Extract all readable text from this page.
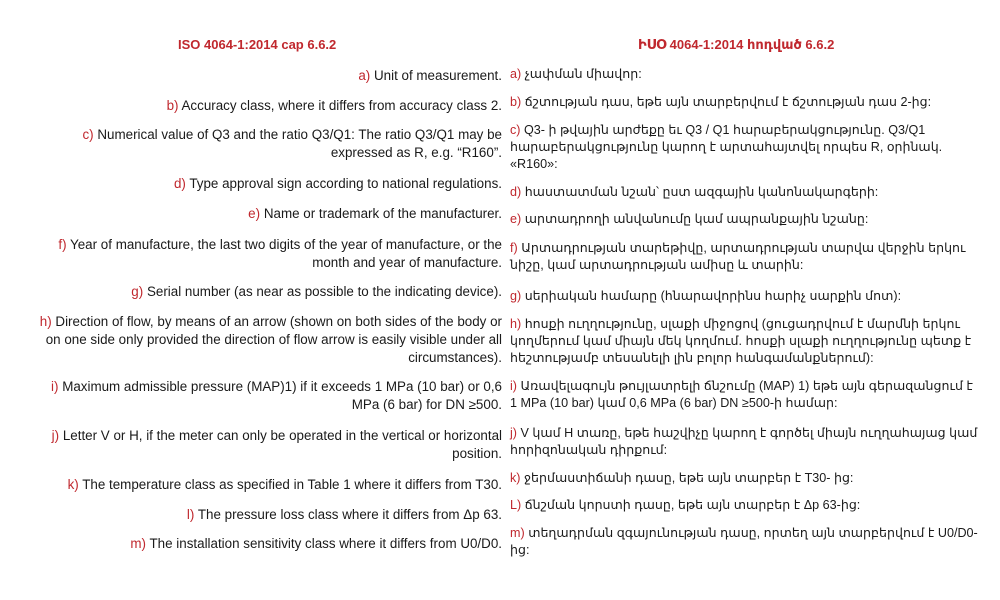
ISO 4064-1:2014 cap 6.6.2	ԻՍՕ 4064-1:2014 հոդված 6.6.2
a) Unit of measurement.
b) Accuracy class, where it differs from accuracy class 2.
c) Numerical value of Q3 and the ratio Q3/Q1: The ratio Q3/Q1 may be expressed as R, e.g. “R160”.
d) Type approval sign according to national regulations.
e) Name or trademark of the manufacturer.
f) Year of manufacture, the last two digits of the year of manufacture, or the month and year of manufacture.
g) Serial number (as near as possible to the indicating device).
h) Direction of flow, by means of an arrow (shown on both sides of the body or on one side only provided the direction of flow arrow is easily visible under all circumstances).
i) Maximum admissible pressure (MAP)1) if it exceeds 1 MPa (10 bar) or 0,6 MPa (6 bar) for DN ≥500.
j) Letter V or H, if the meter can only be operated in the vertical or horizontal position.
k) The temperature class as specified in Table 1 where it differs from T30.
l) The pressure loss class where it differs from Δp 63.
m) The installation sensitivity class where it differs from U0/D0.
a) չափման միավոր:
b) ճշտության դաս, եթե այն տարբերվում է ճշտության դաս 2-ից:
c) Q3- ի թվային արժեքը եւ Q3 / Q1 հարաբերակցությունը. Q3/Q1 հարաբերակցությունը կարող է արտահայտվել որպես R, օրինակ. «R160»:
d) հաստատման նշան՝ ըստ ազգային կանոնակարգերի:
e) արտադրողի անվանումը կամ ապրանքային նշանը:
f) Արտադրության տարեթիվը, արտադրության տարվա վերջին երկու նիշը, կամ արտադրության ամիսը և տարին:
g) սերիական համարը (հնարավորինս հարիչ սարքին մոտ):
h) հոսքի ուղղությունը, սլաքի միջոցով (ցուցադրվում է մարմնի երկու կողմերում կամ միայն մեկ կողմում. հոսքի սլաքի ուղղությունը պետք է հեշտությամբ տեսանելի լին բոլոր հանգամանքներում):
i) Առավելագույն թույլատրելի ճնշումը (MAP) 1) եթե այն գերազանցում է 1 MPa (10 bar) կամ 0,6 MPa (6 bar) DN ≥500-ի համար:
j) V կամ H տառը, եթե հաշվիչը կարող է գործել միայն ուղղահայաց կամ հորիզոնական դիրքում:
k) ջերմաստիճանի դասը, եթե այն տարբեր է T30- ից:
L) ճնշման կորստի դասը, եթե այն տարբեր է Δp 63-ից:
m) տեղադրման զգայունության դասը, որտեղ այն տարբերվում է U0/D0- ից:
